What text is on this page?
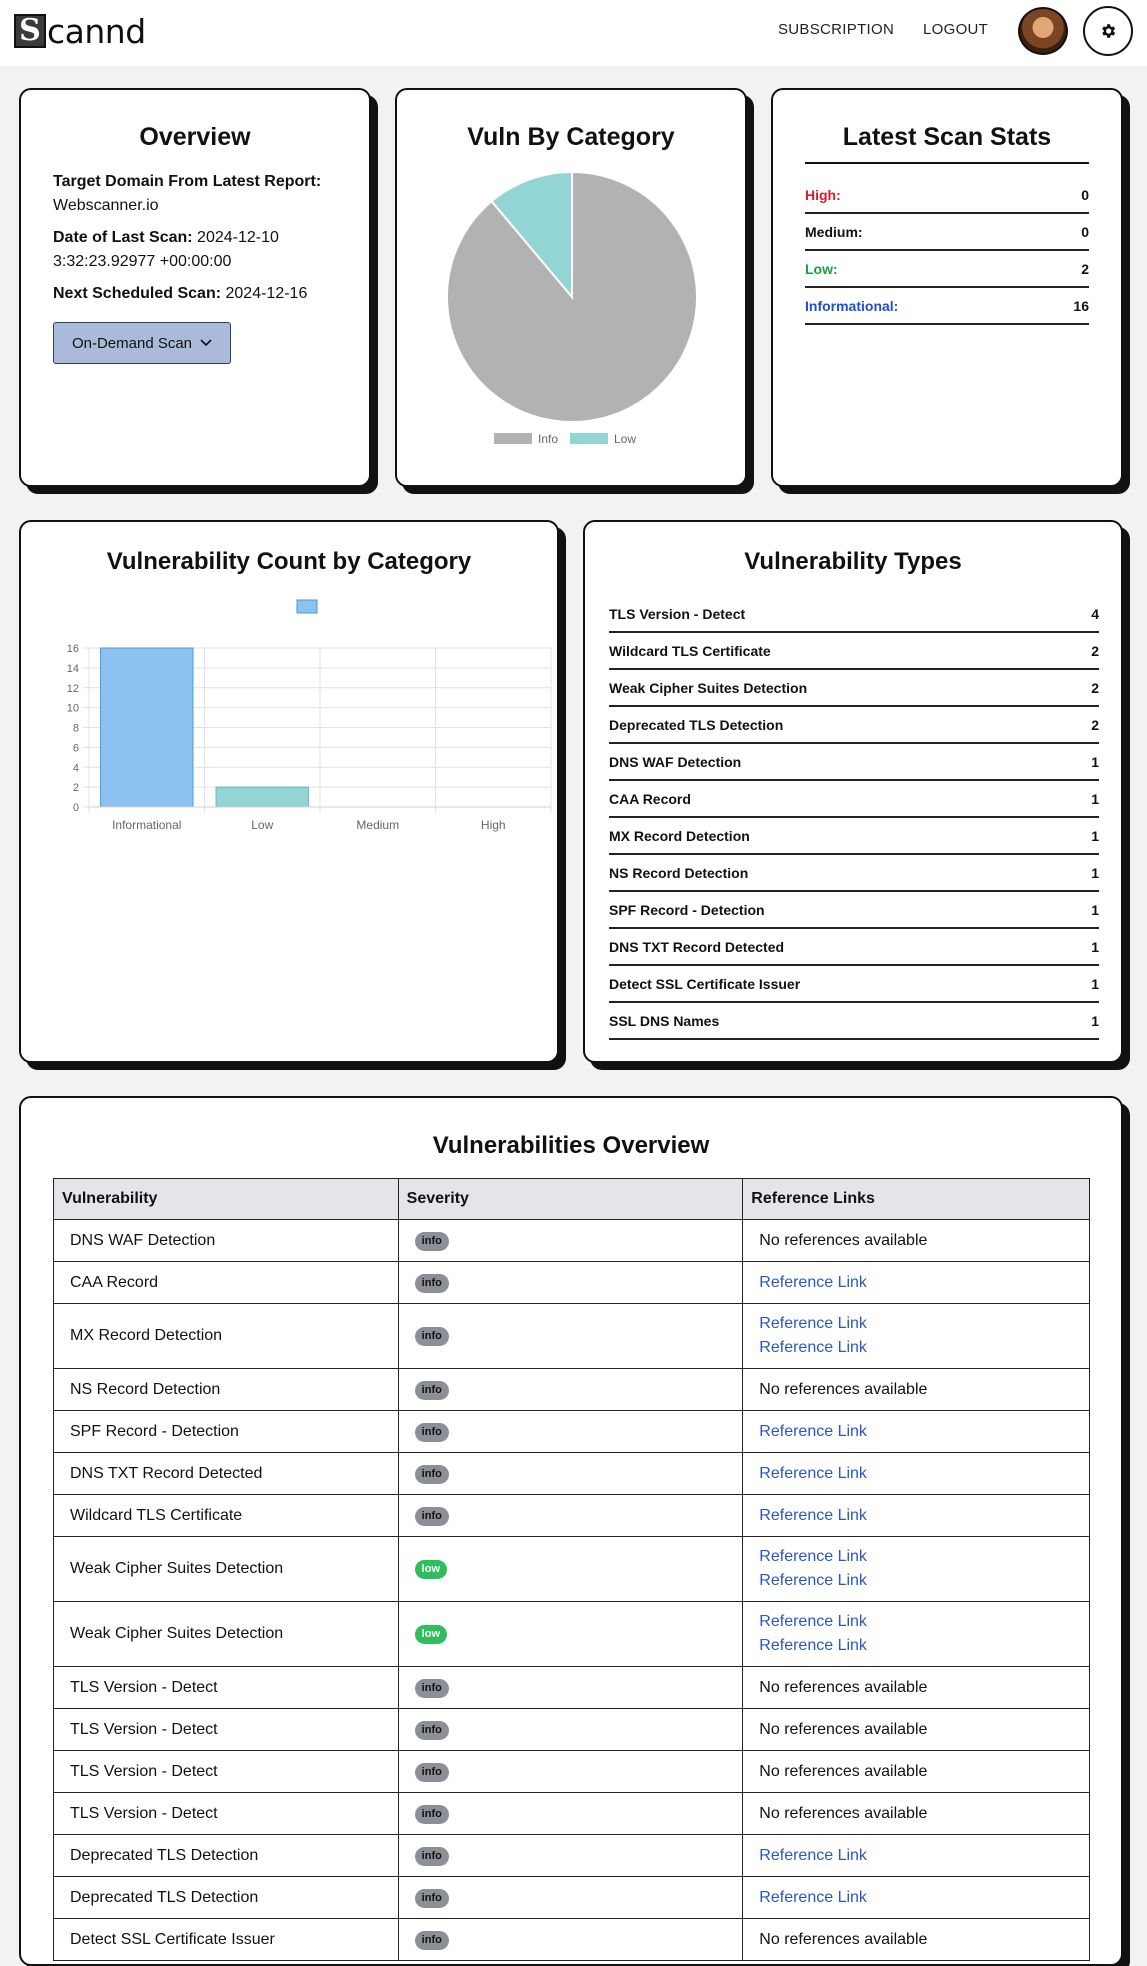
S cannd	SUBSCRIPTION LOGOUT
Overview
Target Domain From Latest Report:
Webscanner.io
Date of Last Scan: 2024-12-10
3:32:23.92977 +00:00:00
Next Scheduled Scan: 2024-12-16
On-Demand Scan
Vuln By Category
Info	Low
Latest Scan Stats
High:	0
Medium:	0
Low:	2
Informational:	16
Vulnerability Count by Category
0
2
4
6
8
10
12
14
16
Informational	Low	Medium	High
Vulnerability Types
TLS Version - Detect	4
Wildcard TLS Certificate	2
Weak Cipher Suites Detection	2
Deprecated TLS Detection	2
DNS WAF Detection	1
CAA Record	1
MX Record Detection	1
NS Record Detection	1
SPF Record - Detection	1
DNS TXT Record Detected	1
Detect SSL Certificate Issuer	1
SSL DNS Names	1
Vulnerabilities Overview
Vulnerability	Severity	Reference Links
DNS WAF Detection	info	No references available
CAA Record	info	Reference Link

MX Record Detection	info	Reference Link
Reference Link

NS Record Detection	info	No references available
SPF Record - Detection	info	Reference Link

DNS TXT Record Detected	info	Reference Link

Wildcard TLS Certificate	info	Reference Link

Weak Cipher Suites Detection	low	Reference Link
Reference Link

Weak Cipher Suites Detection	low	Reference Link
Reference Link

TLS Version - Detect	info	No references available
TLS Version - Detect	info	No references available
TLS Version - Detect	info	No references available
TLS Version - Detect	info	No references available
Deprecated TLS Detection	info	Reference Link

Deprecated TLS Detection	info	Reference Link

Detect SSL Certificate Issuer	info	No references available
